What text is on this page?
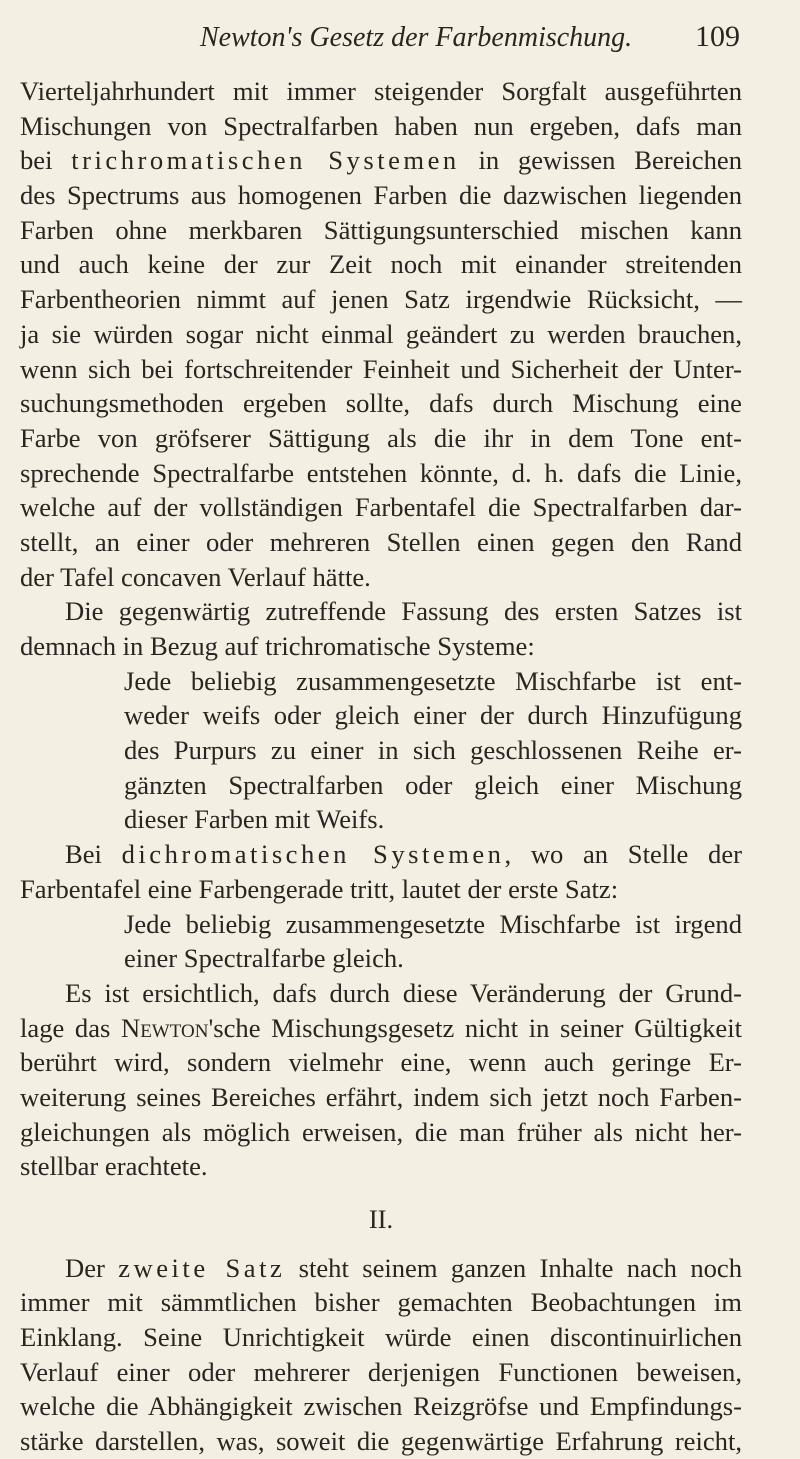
Newton's Gesetz der Farbenmischung. 109
Vierteljahrhundert mit immer steigender Sorgfalt ausgeführten
Mischungen von Spectralfarben haben nun ergeben, dafs man
bei trichromatischen Systemen in gewissen Bereichen
des Spectrums aus homogenen Farben die dazwischen liegenden
Farben ohne merkbaren Sättigungsunterschied mischen kann
und auch keine der zur Zeit noch mit einander streitenden
Farbentheorien nimmt auf jenen Satz irgendwie Rücksicht, —
ja sie würden sogar nicht einmal geändert zu werden brauchen,
wenn sich bei fortschreitender Feinheit und Sicherheit der Unter-
suchungsmethoden ergeben sollte, dafs durch Mischung eine
Farbe von gröfserer Sättigung als die ihr in dem Tone ent-
sprechende Spectralfarbe entstehen könnte, d. h. dafs die Linie,
welche auf der vollständigen Farbentafel die Spectralfarben dar-
stellt, an einer oder mehreren Stellen einen gegen den Rand
der Tafel concaven Verlauf hätte.
Die gegenwärtig zutreffende Fassung des ersten Satzes ist
demnach in Bezug auf trichromatische Systeme:
Jede beliebig zusammengesetzte Mischfarbe ist ent-
weder weifs oder gleich einer der durch Hinzufügung
des Purpurs zu einer in sich geschlossenen Reihe er-
gänzten Spectralfarben oder gleich einer Mischung
dieser Farben mit Weifs.
Bei dichromatischen Systemen, wo an Stelle der
Farbentafel eine Farbengerade tritt, lautet der erste Satz:
Jede beliebig zusammengesetzte Mischfarbe ist irgend
einer Spectralfarbe gleich.
Es ist ersichtlich, dafs durch diese Veränderung der Grund-
lage das Newton'sche Mischungsgesetz nicht in seiner Gültigkeit
berührt wird, sondern vielmehr eine, wenn auch geringe Er-
weiterung seines Bereiches erfährt, indem sich jetzt noch Farben-
gleichungen als möglich erweisen, die man früher als nicht her-
stellbar erachtete.
II.
Der zweite Satz steht seinem ganzen Inhalte nach noch
immer mit sämmtlichen bisher gemachten Beobachtungen im
Einklang. Seine Unrichtigkeit würde einen discontinuirlichen
Verlauf einer oder mehrerer derjenigen Functionen beweisen,
welche die Abhängigkeit zwischen Reizgröfse und Empfindungs-
stärke darstellen, was, soweit die gegenwärtige Erfahrung reicht,
